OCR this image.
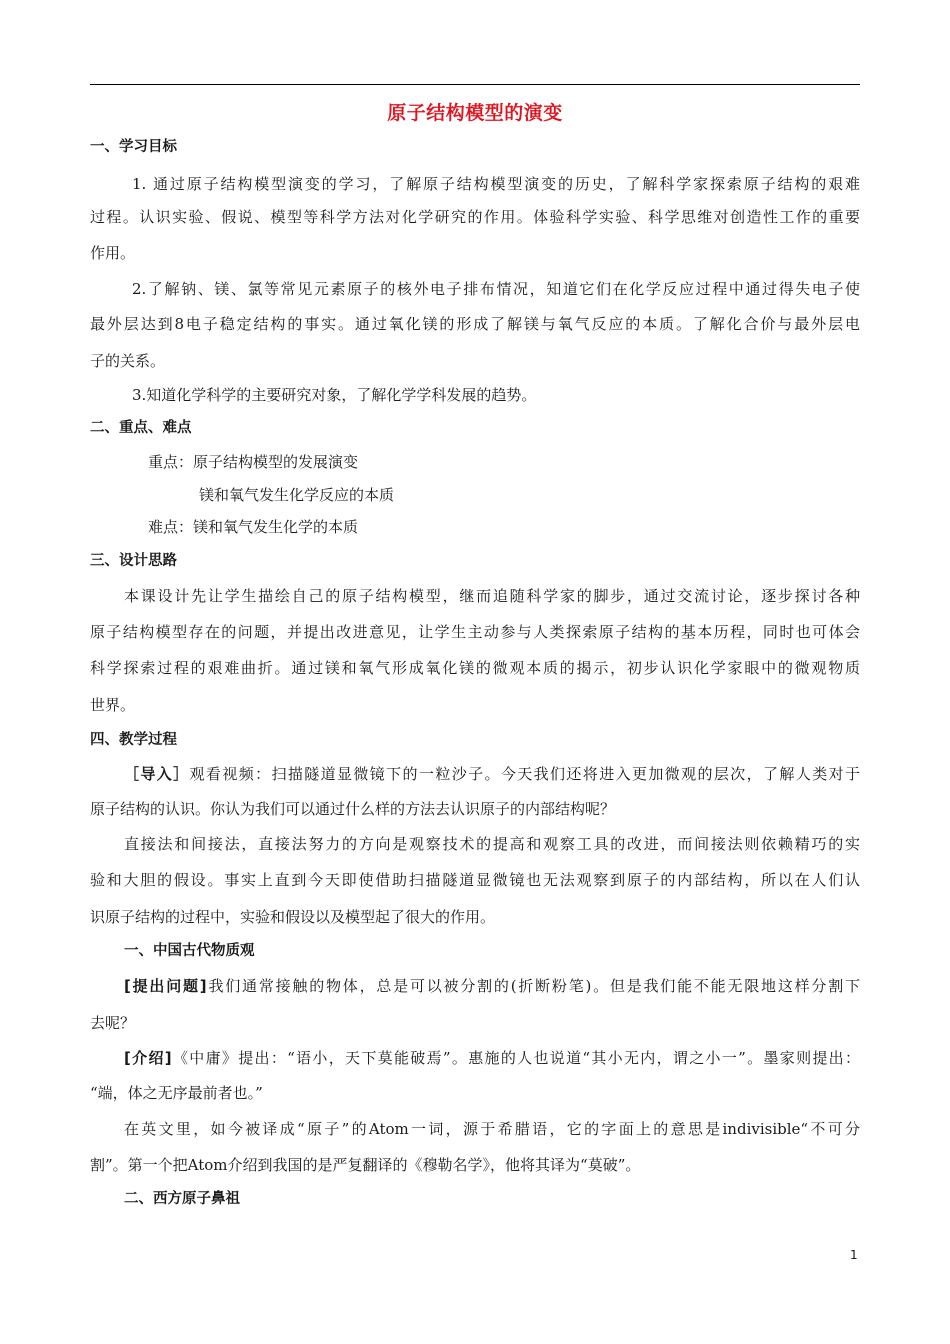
原子结构模型的演变
一、学习目标
1. 通过原子结构模型演变的学习，了解原子结构模型演变的历史，了解科学家探索原子结构的艰难
过程。认识实验、假说、模型等科学方法对化学研究的作用。体验科学实验、科学思维对创造性工作的重要
作用。
2.了解钠、镁、氯等常见元素原子的核外电子排布情况，知道它们在化学反应过程中通过得失电子使
最外层达到8电子稳定结构的事实。通过氧化镁的形成了解镁与氧气反应的本质。了解化合价与最外层电
子的关系。
3.知道化学科学的主要研究对象，了解化学学科发展的趋势。
二、重点、难点
重点：原子结构模型的发展演变
镁和氧气发生化学反应的本质
难点：镁和氧气发生化学的本质
三、设计思路
本课设计先让学生描绘自己的原子结构模型，继而追随科学家的脚步，通过交流讨论，逐步探讨各种
原子结构模型存在的问题，并提出改进意见，让学生主动参与人类探索原子结构的基本历程，同时也可体会
科学探索过程的艰难曲折。通过镁和氧气形成氧化镁的微观本质的揭示，初步认识化学家眼中的微观物质
世界。
四、教学过程
［导入］观看视频：扫描隧道显微镜下的一粒沙子。今天我们还将进入更加微观的层次，了解人类对于
原子结构的认识。你认为我们可以通过什么样的方法去认识原子的内部结构呢？
直接法和间接法，直接法努力的方向是观察技术的提高和观察工具的改进，而间接法则依赖精巧的实
验和大胆的假设。事实上直到今天即使借助扫描隧道显微镜也无法观察到原子的内部结构，所以在人们认
识原子结构的过程中，实验和假设以及模型起了很大的作用。
一、中国古代物质观
[提出问题]我们通常接触的物体，总是可以被分割的(折断粉笔)。但是我们能不能无限地这样分割下
去呢？
[介绍]《中庸》提出：“语小，天下莫能破焉”。惠施的人也说道“其小无内，谓之小一”。墨家则提出：
“端，体之无序最前者也。”
在英文里，如今被译成“原子”的Atom一词，源于希腊语，它的字面上的意思是indivisible“不可分
割”。第一个把Atom介绍到我国的是严复翻译的《穆勒名学》，他将其译为“莫破”。
二、西方原子鼻祖
1
